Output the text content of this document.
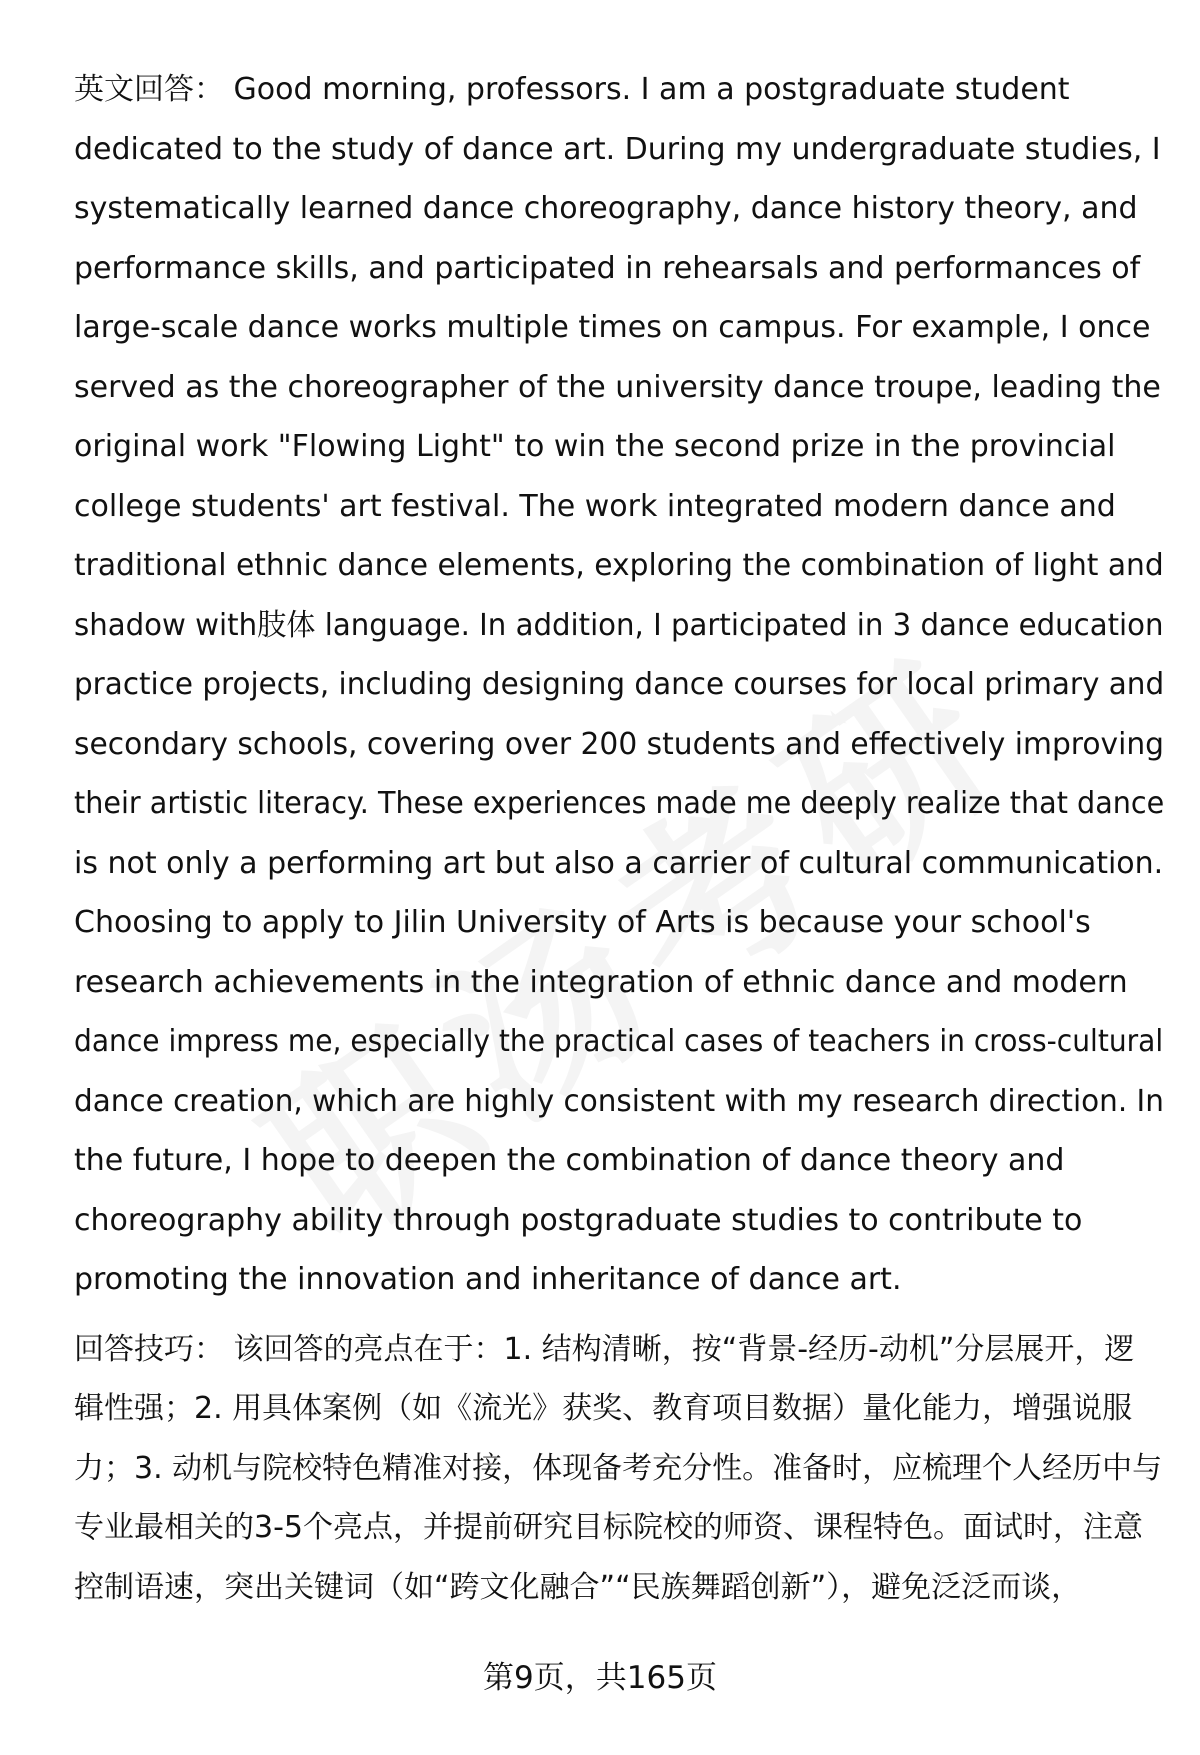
英文回答： Good morning, professors. I am a postgraduate student
dedicated to the study of dance art. During my undergraduate studies, I
systematically learned dance choreography, dance history theory, and
performance skills, and participated in rehearsals and performances of
large-scale dance works multiple times on campus. For example, I once
served as the choreographer of the university dance troupe, leading the
original work "Flowing Light" to win the second prize in the provincial
college students' art festival. The work integrated modern dance and
traditional ethnic dance elements, exploring the combination of light and
shadow with肢体 language. In addition, I participated in 3 dance education
practice projects, including designing dance courses for local primary and
secondary schools, covering over 200 students and effectively improving
their artistic literacy. These experiences made me deeply realize that dance
is not only a performing art but also a carrier of cultural communication.
Choosing to apply to Jilin University of Arts is because your school's
research achievements in the integration of ethnic dance and modern
dance impress me, especially the practical cases of teachers in cross-cultural
dance creation, which are highly consistent with my research direction. In
the future, I hope to deepen the combination of dance theory and
choreography ability through postgraduate studies to contribute to
promoting the innovation and inheritance of dance art.

回答技巧： 该回答的亮点在于：1. 结构清晰，按“背景-经历-动机”分层展开，逻
辑性强；2. 用具体案例（如《流光》获奖、教育项目数据）量化能力，增强说服
力；3. 动机与院校特色精准对接，体现备考充分性。准备时，应梳理个人经历中与
专业最相关的3-5个亮点，并提前研究目标院校的师资、课程特色。面试时，注意
控制语速，突出关键词（如“跨文化融合”“民族舞蹈创新”），避免泛泛而谈，

第9页，共165页
